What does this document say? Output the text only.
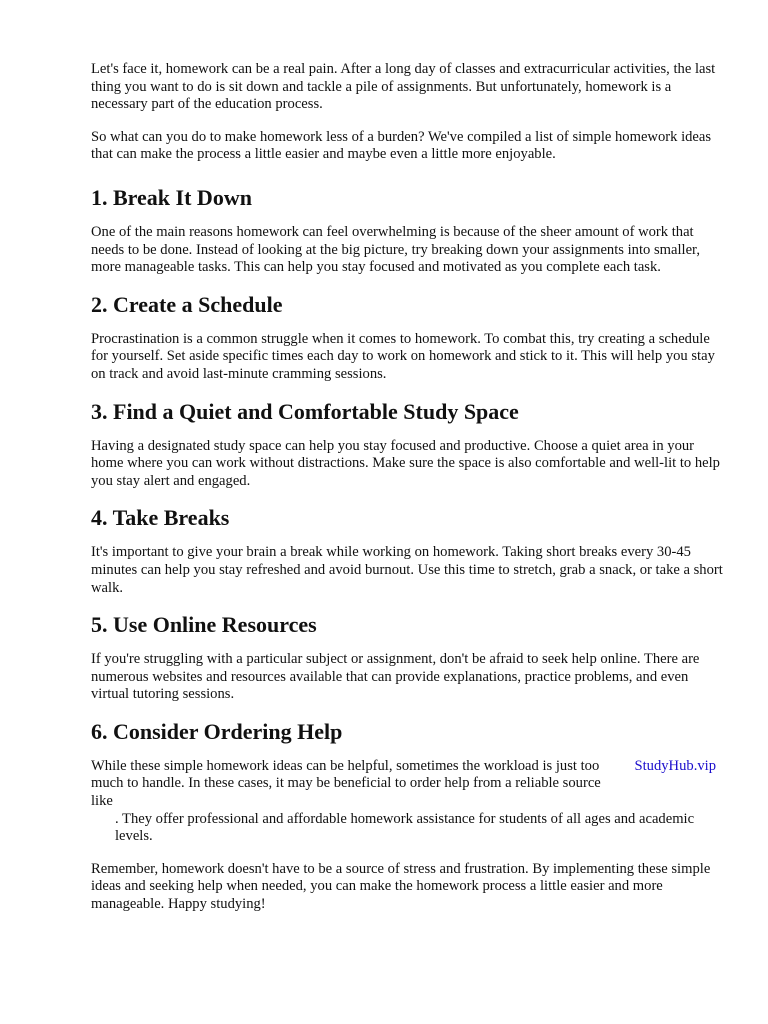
Let's face it, homework can be a real pain. After a long day of classes and extracurricular activities, the last thing you want to do is sit down and tackle a pile of assignments. But unfortunately, homework is a necessary part of the education process.

So what can you do to make homework less of a burden? We've compiled a list of simple homework ideas that can make the process a little easier and maybe even a little more enjoyable.

1. Break It Down

One of the main reasons homework can feel overwhelming is because of the sheer amount of work that needs to be done. Instead of looking at the big picture, try breaking down your assignments into smaller, more manageable tasks. This can help you stay focused and motivated as you complete each task.

2. Create a Schedule

Procrastination is a common struggle when it comes to homework. To combat this, try creating a schedule for yourself. Set aside specific times each day to work on homework and stick to it. This will help you stay on track and avoid last-minute cramming sessions.

3. Find a Quiet and Comfortable Study Space

Having a designated study space can help you stay focused and productive. Choose a quiet area in your home where you can work without distractions. Make sure the space is also comfortable and well-lit to help you stay alert and engaged.

4. Take Breaks

It's important to give your brain a break while working on homework. Taking short breaks every 30-45 minutes can help you stay refreshed and avoid burnout. Use this time to stretch, grab a snack, or take a short walk.

5. Use Online Resources

If you're struggling with a particular subject or assignment, don't be afraid to seek help online. There are numerous websites and resources available that can provide explanations, practice problems, and even virtual tutoring sessions.

6. Consider Ordering Help

While these simple homework ideas can be helpful, sometimes the workload is just too much to handle. In these cases, it may be beneficial to order help from a reliable source like
StudyHub.vip
. They offer professional and affordable homework assistance for students of all ages and academic levels.

Remember, homework doesn't have to be a source of stress and frustration. By implementing these simple ideas and seeking help when needed, you can make the homework process a little easier and more manageable. Happy studying!
